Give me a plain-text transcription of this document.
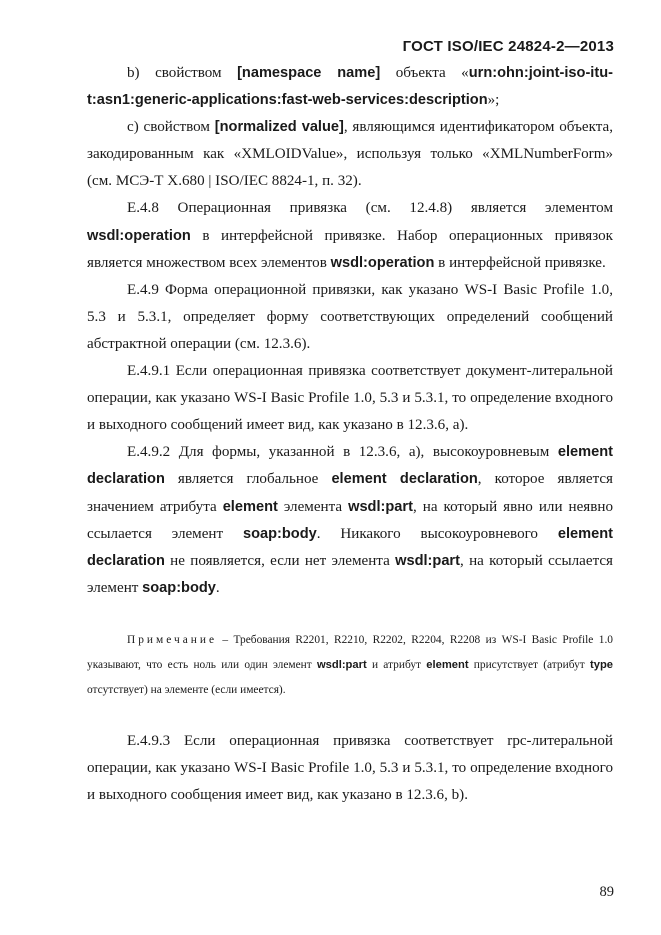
ГОСТ ISO/IEC 24824-2—2013

b) свойством [namespace name] объекта «urn:ohn:joint-iso-itu-t:asn1:generic-applications:fast-web-services:description»;

c) свойством [normalized value], являющимся идентификатором объекта, закодированным как «XMLOIDValue», используя только «XMLNumberForm» (см. МСЭ-Т Х.680 | ISO/IEC 8824-1, п. 32).

Е.4.8 Операционная привязка (см. 12.4.8) является элементом wsdl:operation в интерфейсной привязке. Набор операционных привязок является множеством всех элементов wsdl:operation в интерфейсной привязке.

Е.4.9 Форма операционной привязки, как указано WS-I Basic Profile 1.0, 5.3 и 5.3.1, определяет форму соответствующих определений сообщений абстрактной операции (см. 12.3.6).

Е.4.9.1 Если операционная привязка соответствует документ-литеральной операции, как указано WS-I Basic Profile 1.0, 5.3 и 5.3.1, то определение входного и выходного сообщений имеет вид, как указано в 12.3.6, а).

Е.4.9.2 Для формы, указанной в 12.3.6, а), высокоуровневым element declaration является глобальное element declaration, которое является значением атрибута element элемента wsdl:part, на который явно или неявно ссылается элемент soap:body. Никакого высокоуровневого element declaration не появляется, если нет элемента wsdl:part, на который ссылается элемент soap:body.

Примечание – Требования R2201, R2210, R2202, R2204, R2208 из WS-I Basic Profile 1.0 указывают, что есть ноль или один элемент wsdl:part и атрибут element присутствует (атрибут type отсутствует) на элементе (если имеется).

Е.4.9.3 Если операционная привязка соответствует rpc-литеральной операции, как указано WS-I Basic Profile 1.0, 5.3 и 5.3.1, то определение входного и выходного сообщения имеет вид, как указано в 12.3.6, b).

89
